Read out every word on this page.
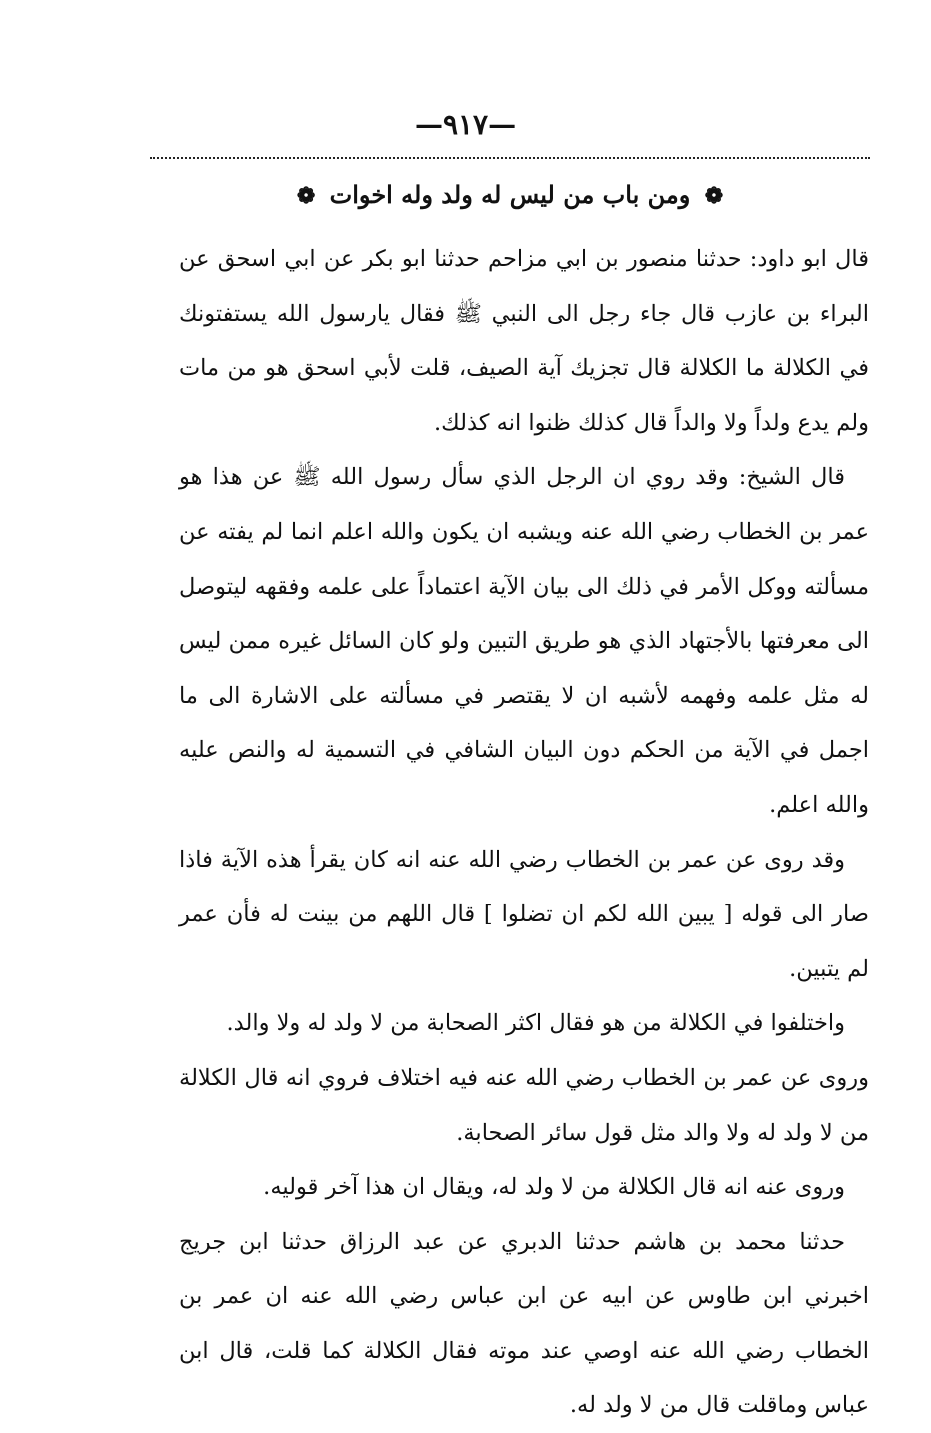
—٩١٧—
❁ ومن باب من ليس له ولد وله اخوات ❁

قال ابو داود: حدثنا منصور بن ابي مزاحم حدثنا ابو بكر عن ابي اسحق عن البراء بن عازب قال جاء رجل الى النبي ﷺ فقال يارسول الله يستفتونك في الكلالة ما الكلالة قال تجزيك آية الصيف، قلت لأبي اسحق هو من مات ولم يدع ولداً ولا والداً قال كذلك ظنوا انه كذلك.

قال الشيخ: وقد روي ان الرجل الذي سأل رسول الله ﷺ عن هذا هو عمر بن الخطاب رضي الله عنه ويشبه ان يكون والله اعلم انما لم يفته عن مسألته ووكل الأمر في ذلك الى بيان الآية اعتماداً على علمه وفقهه ليتوصل الى معرفتها بالأجتهاد الذي هو طريق التبين ولو كان السائل غيره ممن ليس له مثل علمه وفهمه لأشبه ان لا يقتصر في مسألته على الاشارة الى ما اجمل في الآية من الحكم دون البيان الشافي في التسمية له والنص عليه والله اعلم.

وقد روى عن عمر بن الخطاب رضي الله عنه انه كان يقرأ هذه الآية فاذا صار الى قوله [ يبين الله لكم ان تضلوا ] قال اللهم من بينت له فأن عمر لم يتبين.

واختلفوا في الكلالة من هو فقال اكثر الصحابة من لا ولد له ولا والد.

وروى عن عمر بن الخطاب رضي الله عنه فيه اختلاف فروي انه قال الكلالة من لا ولد له ولا والد مثل قول سائر الصحابة.

وروى عنه انه قال الكلالة من لا ولد له، ويقال ان هذا آخر قوليه.

حدثنا محمد بن هاشم حدثنا الدبري عن عبد الرزاق حدثنا ابن جريج اخبرني ابن طاوس عن ابيه عن ابن عباس رضي الله عنه ان عمر بن الخطاب رضي الله عنه اوصي عند موته فقال الكلالة كما قلت، قال ابن عباس وماقلت قال من لا ولد له.
